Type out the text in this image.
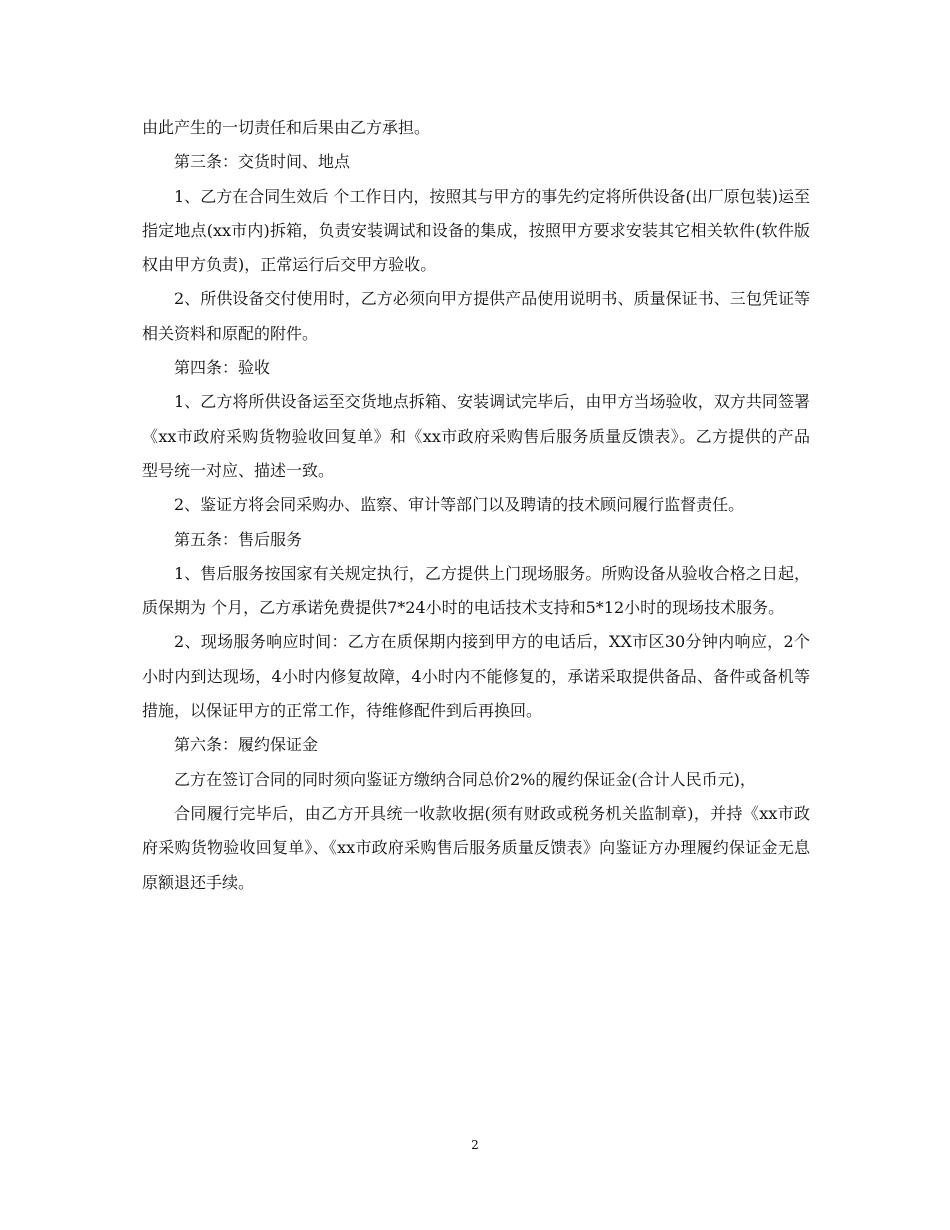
由此产生的一切责任和后果由乙方承担。

第三条：交货时间、地点

1、乙方在合同生效后 个工作日内，按照其与甲方的事先约定将所供设备(出厂原包装)运至指定地点(xx市内)拆箱，负责安装调试和设备的集成，按照甲方要求安装其它相关软件(软件版权由甲方负责)，正常运行后交甲方验收。

2、所供设备交付使用时，乙方必须向甲方提供产品使用说明书、质量保证书、三包凭证等相关资料和原配的附件。

第四条：验收

1、乙方将所供设备运至交货地点拆箱、安装调试完毕后，由甲方当场验收，双方共同签署《xx市政府采购货物验收回复单》和《xx市政府采购售后服务质量反馈表》。乙方提供的产品型号统一对应、描述一致。

2、鉴证方将会同采购办、监察、审计等部门以及聘请的技术顾问履行监督责任。

第五条：售后服务

1、售后服务按国家有关规定执行，乙方提供上门现场服务。所购设备从验收合格之日起，质保期为 个月，乙方承诺免费提供7*24小时的电话技术支持和5*12小时的现场技术服务。

2、现场服务响应时间：乙方在质保期内接到甲方的电话后，XX市区30分钟内响应，2个小时内到达现场，4小时内修复故障，4小时内不能修复的，承诺采取提供备品、备件或备机等措施，以保证甲方的正常工作，待维修配件到后再换回。

第六条：履约保证金

乙方在签订合同的同时须向鉴证方缴纳合同总价2%的履约保证金(合计人民币元)，

合同履行完毕后，由乙方开具统一收款收据(须有财政或税务机关监制章)，并持《xx市政府采购货物验收回复单》、《xx市政府采购售后服务质量反馈表》向鉴证方办理履约保证金无息原额退还手续。

2
